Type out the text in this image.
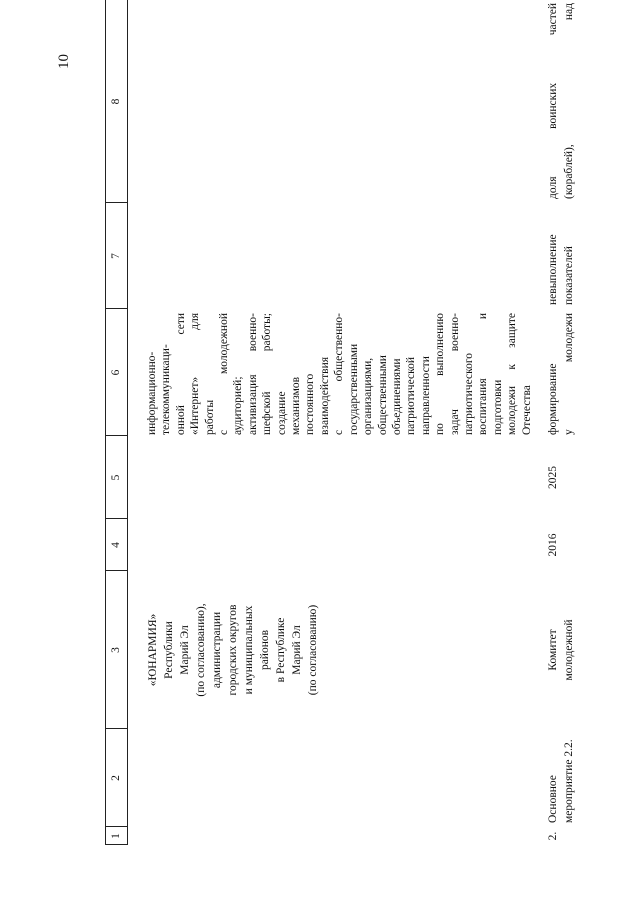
10
1
2
3
4
5
6
7
8
«ЮНАРМИЯ» Республики Марий Эл (по согласованию), администрации городских округов и муниципальных районов в Республике Марий Эл (по согласованию)
информационно- телекоммуникаци- онной
сети
«Интернет»
для
работы с
молодежной
аудиторией; активизация
военно-
шефской
работы;
создание механизмов постоянного взаимодействия с
общественно- государственными организациями, общественными объединениями патриотической направленности по
выполнению
задач
военно-
патриотического воспитания
и
подготовки молодежи
к
защите
Отечества
2.
Основное мероприятие 2.2.
Комитет молодежной
2016
2025
формирование у
молодежи
невыполнение показателей
доля
воинских
частей
(кораблей),
над
